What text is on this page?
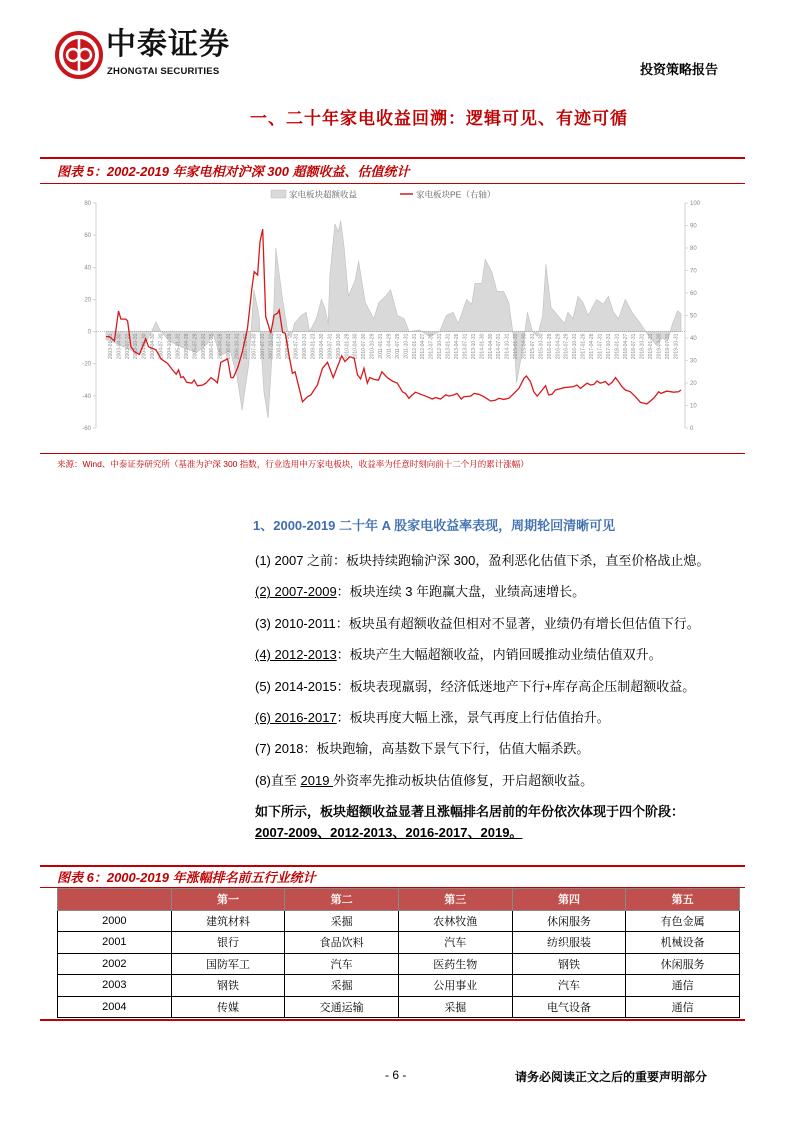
中泰证券
ZHONGTAI SECURITIES	投资策略报告
一、二十年家电收益回溯：逻辑可见、有迹可循
图表 5：2002-2019 年家电相对沪深 300 超额收益、估值统计
家电板块超额收益	家电板块PE（右轴）
2003-01-31 2003-04-30 2003-07-31 2003-10-31 2004-01-30 2004-04-30 2004-07-30 2004-10-29 2005-01-31 2005-04-29 2005-07-29 2005-10-31 2006-01-25 2006-04-28 2006-07-31 2006-10-31 2007-01-31 2007-04-30 2007-07-31 2007-10-31 2008-01-31 2008-04-30 2008-07-31 2008-10-31 2009-01-23 2009-04-30 2009-07-31 2009-10-30 2010-01-29 2010-04-30 2010-07-30 2010-10-29 2011-01-31 2011-04-29 2011-07-29 2011-10-31 2012-01-31 2012-04-27 2012-07-31 2012-10-31 2013-01-31 2013-04-26 2013-07-31 2013-10-31 2014-01-30 2014-04-30 2014-07-31 2014-10-31 2015-01-30 2015-04-30 2015-07-31 2015-10-30 2016-01-29 2016-04-29 2016-07-29 2016-10-31 2017-01-26 2017-04-28 2017-07-31 2017-10-31 2018-01-31 2018-04-27 2018-07-31 2018-10-31 2019-01-31 2019-04-30 2019-07-31 2019-10-31
80
60
40
20
0
-20
-40
-60
100
90
80
70
60
50
40
30
20
10
0
来源：Wind、中泰证券研究所（基准为沪深 300 指数，行业选用申万家电板块，收益率为任意时刻向前十二个月的累计涨幅）
1、2000-2019 二十年 A 股家电收益率表现，周期轮回清晰可见
(1) 2007 之前：板块持续跑输沪深 300，盈利恶化估值下杀，直至价格战止熄。
(2) 2007-2009：板块连续 3 年跑赢大盘，业绩高速增长。
(3) 2010-2011：板块虽有超额收益但相对不显著，业绩仍有增长但估值下行。
(4) 2012-2013：板块产生大幅超额收益，内销回暖推动业绩估值双升。
(5) 2014-2015：板块表现羸弱，经济低迷地产下行+库存高企压制超额收益。
(6) 2016-2017：板块再度大幅上涨，景气再度上行估值抬升。
(7) 2018：板块跑输，高基数下景气下行，估值大幅杀跌。
(8)直至 2019 外资率先推动板块估值修复，开启超额收益。
如下所示，板块超额收益显著且涨幅排名居前的年份依次体现于四个阶段：
2007-2009、2012-2013、2016-2017、2019。
图表 6：2000-2019 年涨幅排名前五行业统计
	第一	第二	第三	第四	第五
2000	建筑材料	采掘	农林牧渔	休闲服务	有色金属
2001	银行	食品饮料	汽车	纺织服装	机械设备
2002	国防军工	汽车	医药生物	钢铁	休闲服务
2003	钢铁	采掘	公用事业	汽车	通信
2004	传媒	交通运输	采掘	电气设备	通信
- 6 -	请务必阅读正文之后的重要声明部分
